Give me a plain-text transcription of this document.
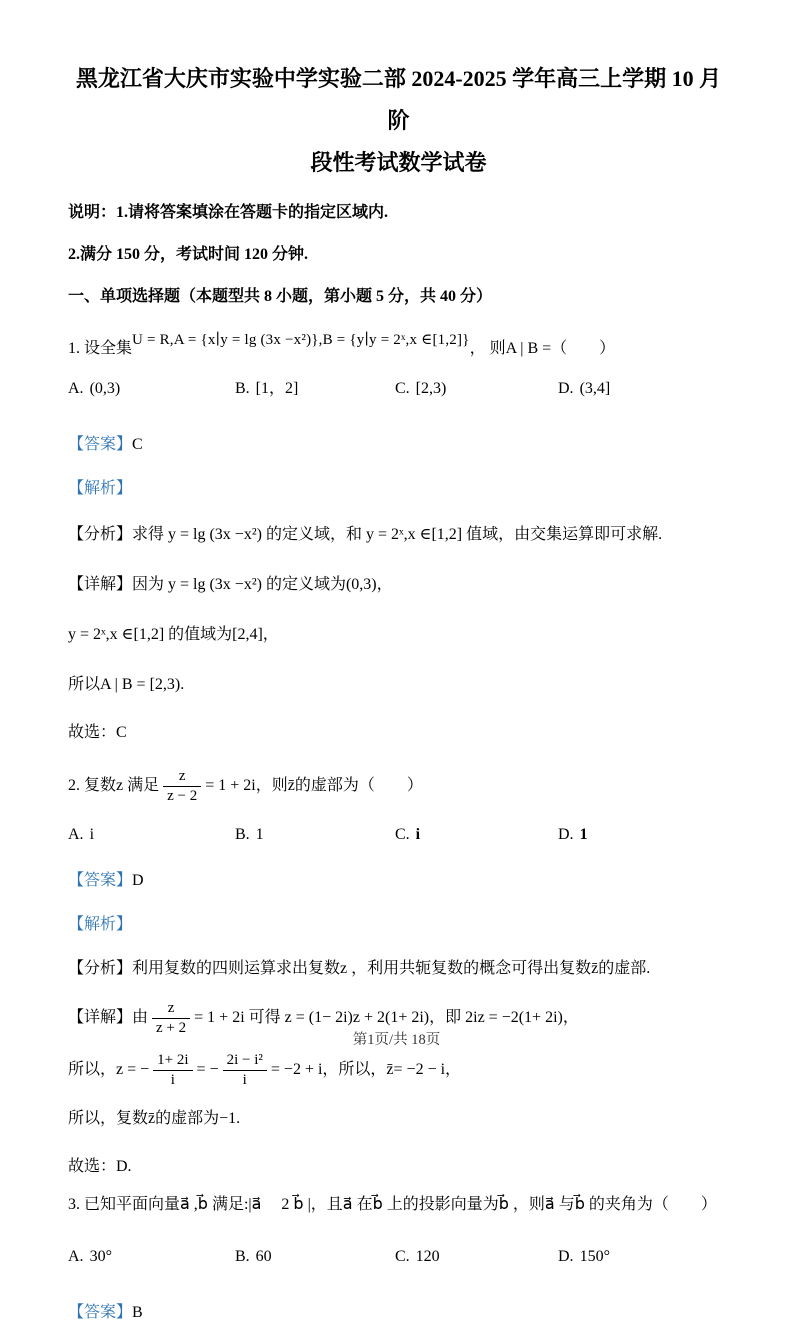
黑龙江省大庆市实验中学实验二部 2024-2025 学年高三上学期 10 月阶
段性考试数学试卷

说明：1.请将答案填涂在答题卡的指定区域内.

2.满分 150 分，考试时间 120 分钟.

一、单项选择题（本题型共 8 小题，第小题 5 分，共 40 分）

1. 设全集U = R,A = {x∣y = lg (3x −x²)},B = {y∣y = 2ˣ,x ∈[1,2]}， 则A | B =（　　）

A. (0,3)	B. [1，2]	C. [2,3)	D. (3,4]

【答案】C

【解析】

【分析】求得 y = lg (3x −x²) 的定义域，和 y = 2ˣ,x ∈[1,2] 值域，由交集运算即可求解.

【详解】因为 y = lg (3x −x²) 的定义域为(0,3)，

y = 2ˣ,x ∈[1,2] 的值域为[2,4]，

所以A | B = [2,3).

故选：C

2. 复数z 满足 $\frac{z}{z - 2} = 1 + 2i$，则z̄的虚部为（　　）

A. i	B. 1	C. i	D. 1

【答案】D

【解析】

【分析】利用复数的四则运算求出复数z ，利用共轭复数的概念可得出复数z̄的虚部.

【详解】由 $\frac{z}{z + 2} = 1 + 2i$ 可得 z = (1− 2i)z + 2(1+ 2i)，即 2iz = −2(1+ 2i)，

所以，z = − $\frac{1+ 2i}{i}$ = − $\frac{\text{2i − i²}}{i} = -2 + i$，所以，z̄= −2 − i，

所以，复数z̄的虚部为−1.

故选：D.

3. 已知平面向量a⃗ ,b⃗ 满足:|a⃗　 2 b⃗ |，且a⃗ 在b⃗ 上的投影向量为b⃗ ，则a⃗ 与b⃗ 的夹角为（　　）

A. 30°	B. 60	C. 120	D. 150°

【答案】B

第1页/共 18页
